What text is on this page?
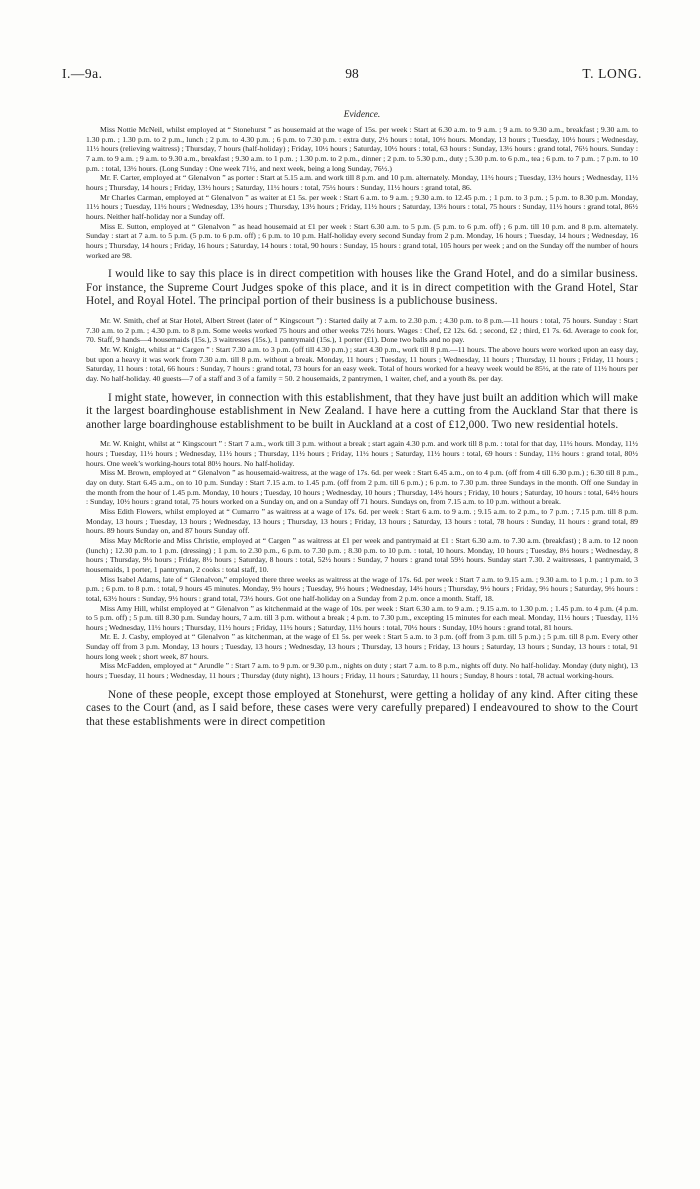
I.—9a.	98	T. LONG.

Evidence.

Miss Nottie McNeil, whilst employed at “ Stonehurst ” as housemaid at the wage of 15s. per week : Start at 6.30 a.m. to 9 a.m. ; 9 a.m. to 9.30 a.m., breakfast ; 9.30 a.m. to 1.30 p.m. ; 1.30 p.m. to 2 p.m., lunch ; 2 p.m. to 4.30 p.m. ; 6 p.m. to 7.30 p.m. : extra duty, 2½ hours : total, 10½ hours. Monday, 13 hours ; Tuesday, 10½ hours ; Wednesday, 11½ hours (relieving waitress) ; Thursday, 7 hours (half-holiday) ; Friday, 10½ hours ; Saturday, 10½ hours : total, 63 hours : Sunday, 13½ hours : grand total, 76½ hours. Sunday : 7 a.m. to 9 a.m. ; 9 a.m. to 9.30 a.m., breakfast ; 9.30 a.m. to 1 p.m. ; 1.30 p.m. to 2 p.m., dinner ; 2 p.m. to 5.30 p.m., duty ; 5.30 p.m. to 6 p.m., tea ; 6 p.m. to 7 p.m. ; 7 p.m. to 10 p.m. : total, 13½ hours. (Long Sunday : One week 71½, and next week, being a long Sunday, 76½.)

Mr. F. Carter, employed at “ Glenalvon ” as porter : Start at 5.15 a.m. and work till 8 p.m. and 10 p.m. alternately. Monday, 11½ hours ; Tuesday, 13½ hours ; Wednesday, 11½ hours ; Thursday, 14 hours ; Friday, 13½ hours ; Saturday, 11½ hours : total, 75½ hours : Sunday, 11½ hours : grand total, 86.

Mr Charles Carman, employed at “ Glenalvon ” as waiter at £1 5s. per week : Start 6 a.m. to 9 a.m. ; 9.30 a.m. to 12.45 p.m. ; 1 p.m. to 3 p.m. ; 5 p.m. to 8.30 p.m. Monday, 11½ hours ; Tuesday, 11½ hours ; Wednesday, 13½ hours ; Thursday, 13½ hours ; Friday, 11½ hours ; Saturday, 13½ hours : total, 75 hours : Sunday, 11½ hours : grand total, 86½ hours. Neither half-holiday nor a Sunday off.

Miss E. Sutton, employed at “ Glenalvon ” as head housemaid at £1 per week : Start 6.30 a.m. to 5 p.m. (5 p.m. to 6 p.m. off) ; 6 p.m. till 10 p.m. and 8 p.m. alternately. Sunday : start at 7 a.m. to 5 p.m. (5 p.m. to 6 p.m. off) ; 6 p.m. to 10 p.m. Half-holiday every second Sunday from 2 p.m. Monday, 16 hours ; Tuesday, 14 hours ; Wednesday, 16 hours ; Thursday, 14 hours ; Friday, 16 hours ; Saturday, 14 hours : total, 90 hours : Sunday, 15 hours : grand total, 105 hours per week ; and on the Sunday off the number of hours worked are 98.

I would like to say this place is in direct competition with houses like the Grand Hotel, and do a similar business. For instance, the Supreme Court Judges spoke of this place, and it is in direct competition with the Grand Hotel, Star Hotel, and Royal Hotel. The principal portion of their business is a publichouse business.

Mr. W. Smith, chef at Star Hotel, Albert Street (later of “ Kingscourt ”) : Started daily at 7 a.m. to 2.30 p.m. ; 4.30 p.m. to 8 p.m.—11 hours : total, 75 hours. Sunday : Start 7.30 a.m. to 2 p.m. ; 4.30 p.m. to 8 p.m. Some weeks worked 75 hours and other weeks 72½ hours. Wages : Chef, £2 12s. 6d. ; second, £2 ; third, £1 7s. 6d. Average to cook for, 70. Staff, 9 hands—4 housemaids (15s.), 3 waitresses (15s.), 1 pantrymaid (15s.), 1 porter (£1). Done two balls and no pay.

Mr. W. Knight, whilst at “ Cargen ” : Start 7.30 a.m. to 3 p.m. (off till 4.30 p.m.) ; start 4.30 p.m., work till 8 p.m.—11 hours. The above hours were worked upon an easy day, but upon a heavy it was work from 7.30 a.m. till 8 p.m. without a break. Monday, 11 hours ; Tuesday, 11 hours ; Wednesday, 11 hours ; Thursday, 11 hours ; Friday, 11 hours ; Saturday, 11 hours : total, 66 hours : Sunday, 7 hours : grand total, 73 hours for an easy week. Total of hours worked for a heavy week would be 85½, at the rate of 11½ hours per day. No half-holiday. 40 guests—7 of a staff and 3 of a family = 50. 2 housemaids, 2 pantrymen, 1 waiter, chef, and a youth 8s. per day.

I might state, however, in connection with this establishment, that they have just built an addition which will make it the largest boardinghouse establishment in New Zealand. I have here a cutting from the Auckland Star that there is another large boardinghouse establishment to be built in Auckland at a cost of £12,000. Two new residential hotels.

Mr. W. Knight, whilst at “ Kingscourt ” : Start 7 a.m., work till 3 p.m. without a break ; start again 4.30 p.m. and work till 8 p.m. : total for that day, 11½ hours. Monday, 11½ hours ; Tuesday, 11½ hours ; Wednesday, 11½ hours ; Thursday, 11½ hours ; Friday, 11½ hours ; Saturday, 11½ hours : total, 69 hours : Sunday, 11½ hours : grand total, 80½ hours. One week’s working-hours total 80½ hours. No half-holiday.

Miss M. Brown, employed at “ Glenalvon ” as housemaid-waitress, at the wage of 17s. 6d. per week : Start 6.45 a.m., on to 4 p.m. (off from 4 till 6.30 p.m.) ; 6.30 till 8 p.m., day on duty. Start 6.45 a.m., on to 10 p.m. Sunday : Start 7.15 a.m. to 1.45 p.m. (off from 2 p.m. till 6 p.m.) ; 6 p.m. to 7.30 p.m. three Sundays in the month. Off one Sunday in the month from the hour of 1.45 p.m. Monday, 10 hours ; Tuesday, 10 hours ; Wednesday, 10 hours ; Thursday, 14½ hours ; Friday, 10 hours ; Saturday, 10 hours : total, 64½ hours : Sunday, 10½ hours : grand total, 75 hours worked on a Sunday on, and on a Sunday off 71 hours. Sundays on, from 7.15 a.m. to 10 p.m. without a break.

Miss Edith Flowers, whilst employed at “ Cumarro ” as waitress at a wage of 17s. 6d. per week : Start 6 a.m. to 9 a.m. ; 9.15 a.m. to 2 p.m., to 7 p.m. ; 7.15 p.m. till 8 p.m. Monday, 13 hours ; Tuesday, 13 hours ; Wednesday, 13 hours ; Thursday, 13 hours ; Friday, 13 hours ; Saturday, 13 hours : total, 78 hours : Sunday, 11 hours : grand total, 89 hours. 89 hours Sunday on, and 87 hours Sunday off.

Miss May McRorie and Miss Christie, employed at “ Cargen ” as waitress at £1 per week and pantrymaid at £1 : Start 6.30 a.m. to 7.30 a.m. (breakfast) ; 8 a.m. to 12 noon (lunch) ; 12.30 p.m. to 1 p.m. (dressing) ; 1 p.m. to 2.30 p.m., 6 p.m. to 7.30 p.m. ; 8.30 p.m. to 10 p.m. : total, 10 hours. Monday, 10 hours ; Tuesday, 8½ hours ; Wednesday, 8 hours ; Thursday, 9½ hours ; Friday, 8½ hours ; Saturday, 8 hours : total, 52½ hours : Sunday, 7 hours : grand total 59½ hours. Sunday start 7.30. 2 waitresses, 1 pantrymaid, 3 housemaids, 1 porter, 1 pantryman, 2 cooks : total staff, 10.

Miss Isabel Adams, late of “ Glenalvon,” employed there three weeks as waitress at the wage of 17s. 6d. per week : Start 7 a.m. to 9.15 a.m. ; 9.30 a.m. to 1 p.m. ; 1 p.m. to 3 p.m. ; 6 p.m. to 8 p.m. : total, 9 hours 45 minutes. Monday, 9½ hours ; Tuesday, 9½ hours ; Wednesday, 14½ hours ; Thursday, 9½ hours ; Friday, 9½ hours ; Saturday, 9½ hours : total, 63½ hours : Sunday, 9½ hours : grand total, 73½ hours. Got one half-holiday on a Sunday from 2 p.m. once a month. Staff, 18.

Miss Amy Hill, whilst employed at “ Glenalvon ” as kitchenmaid at the wage of 10s. per week : Start 6.30 a.m. to 9 a.m. ; 9.15 a.m. to 1.30 p.m. ; 1.45 p.m. to 4 p.m. (4 p.m. to 5 p.m. off) ; 5 p.m. till 8.30 p.m. Sunday hours, 7 a.m. till 3 p.m. without a break ; 4 p.m. to 7.30 p.m., excepting 15 minutes for each meal. Monday, 11½ hours ; Tuesday, 11½ hours ; Wednesday, 11½ hours ; Thursday, 11½ hours ; Friday, 11½ hours ; Saturday, 11½ hours : total, 70½ hours : Sunday, 10½ hours : grand total, 81 hours.

Mr. E. J. Casby, employed at “ Glenalvon ” as kitchenman, at the wage of £1 5s. per week : Start 5 a.m. to 3 p.m. (off from 3 p.m. till 5 p.m.) ; 5 p.m. till 8 p.m. Every other Sunday off from 3 p.m. Monday, 13 hours ; Tuesday, 13 hours ; Wednesday, 13 hours ; Thursday, 13 hours ; Friday, 13 hours ; Saturday, 13 hours ; Sunday, 13 hours : total, 91 hours long week ; short week, 87 hours.

Miss McFadden, employed at “ Arundle ” : Start 7 a.m. to 9 p.m. or 9.30 p.m., nights on duty ; start 7 a.m. to 8 p.m., nights off duty. No half-holiday. Monday (duty night), 13 hours ; Tuesday, 11 hours ; Wednesday, 11 hours ; Thursday (duty night), 13 hours ; Friday, 11 hours ; Saturday, 11 hours ; Sunday, 8 hours : total, 78 actual working-hours.

None of these people, except those employed at Stonehurst, were getting a holiday of any kind. After citing these cases to the Court (and, as I said before, these cases were very carefully prepared) I endeavoured to show to the Court that these establishments were in direct competition
